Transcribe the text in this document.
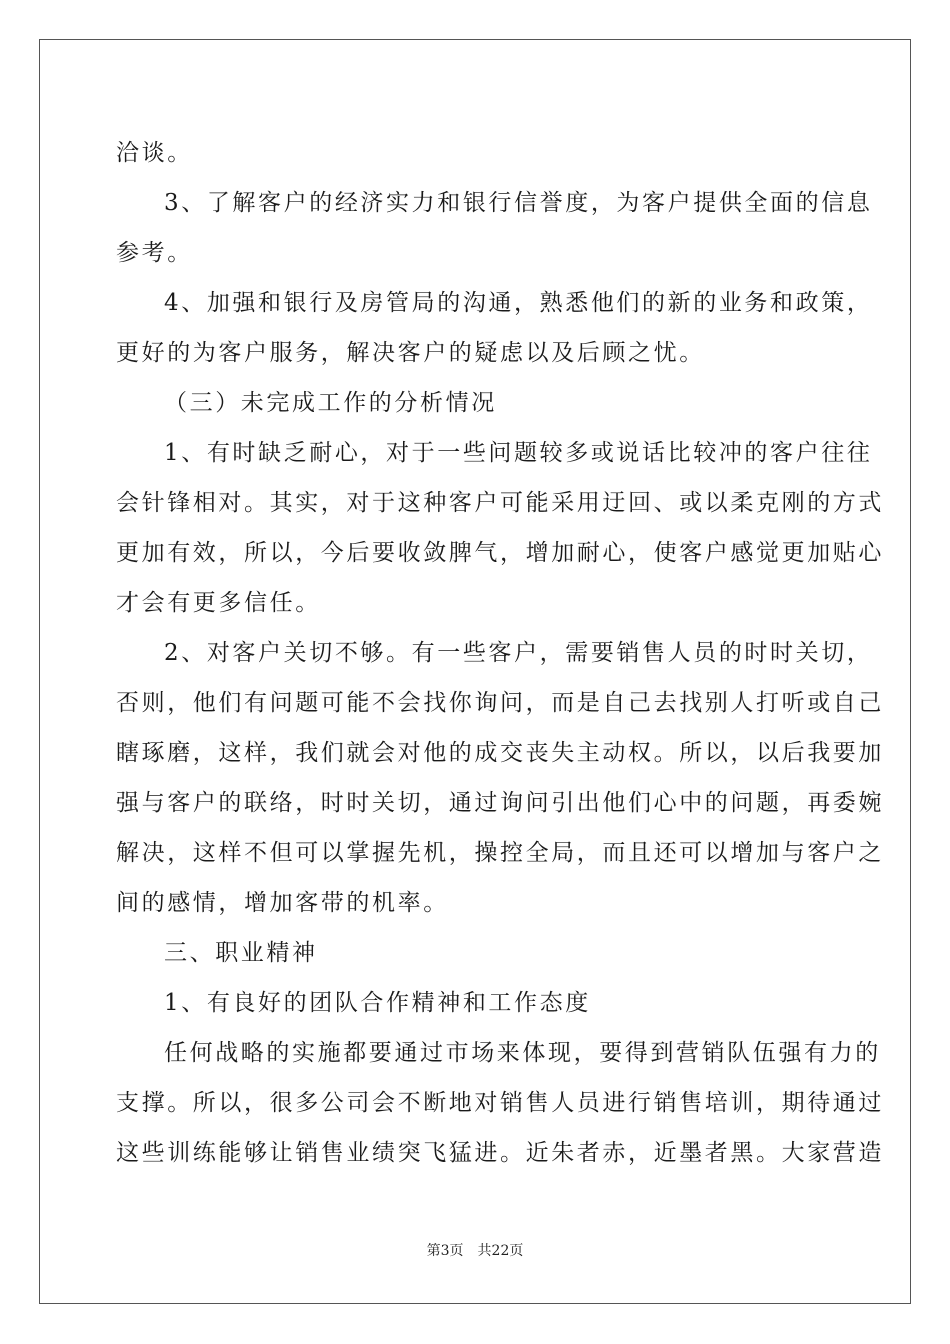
洽谈。
3、了解客户的经济实力和银行信誉度，为客户提供全面的信息
参考。
4、加强和银行及房管局的沟通，熟悉他们的新的业务和政策，
更好的为客户服务，解决客户的疑虑以及后顾之忧。
（三）未完成工作的分析情况
1、有时缺乏耐心，对于一些问题较多或说话比较冲的客户往往
会针锋相对。其实，对于这种客户可能采用迂回、或以柔克刚的方式
更加有效，所以，今后要收敛脾气，增加耐心，使客户感觉更加贴心
才会有更多信任。
2、对客户关切不够。有一些客户，需要销售人员的时时关切，
否则，他们有问题可能不会找你询问，而是自己去找别人打听或自己
瞎琢磨，这样，我们就会对他的成交丧失主动权。所以，以后我要加
强与客户的联络，时时关切，通过询问引出他们心中的问题，再委婉
解决，这样不但可以掌握先机，操控全局，而且还可以增加与客户之
间的感情，增加客带的机率。
三、职业精神
1、有良好的团队合作精神和工作态度
任何战略的实施都要通过市场来体现，要得到营销队伍强有力的
支撑。所以，很多公司会不断地对销售人员进行销售培训，期待通过
这些训练能够让销售业绩突飞猛进。近朱者赤，近墨者黑。大家营造
第3页 共22页
